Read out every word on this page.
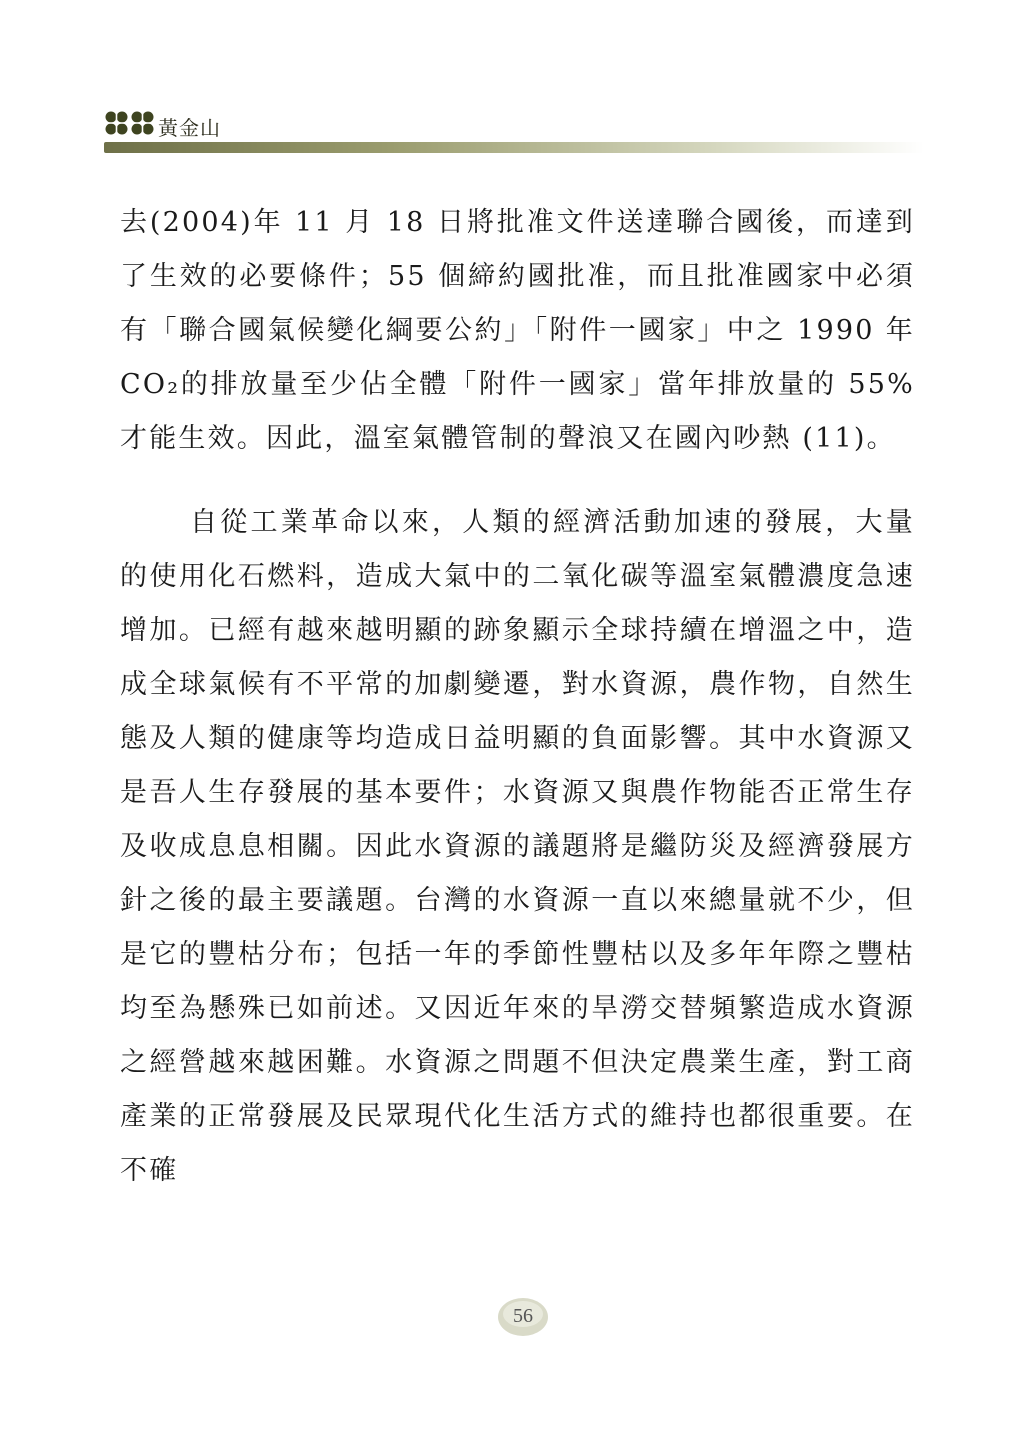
黃金山

去(2004)年 11 月 18 日將批准文件送達聯合國後，而達到了生效的必要條件；55 個締約國批准，而且批准國家中必須有「聯合國氣候變化綱要公約」「附件一國家」中之 1990 年 CO₂的排放量至少佔全體「附件一國家」當年排放量的 55%才能生效。因此，溫室氣體管制的聲浪又在國內吵熱 (11)。

自從工業革命以來，人類的經濟活動加速的發展，大量的使用化石燃料，造成大氣中的二氧化碳等溫室氣體濃度急速增加。已經有越來越明顯的跡象顯示全球持續在增溫之中，造成全球氣候有不平常的加劇變遷，對水資源，農作物，自然生態及人類的健康等均造成日益明顯的負面影響。其中水資源又是吾人生存發展的基本要件；水資源又與農作物能否正常生存及收成息息相關。因此水資源的議題將是繼防災及經濟發展方針之後的最主要議題。台灣的水資源一直以來總量就不少，但是它的豐枯分布；包括一年的季節性豐枯以及多年年際之豐枯均至為懸殊已如前述。又因近年來的旱澇交替頻繁造成水資源之經營越來越困難。水資源之問題不但決定農業生產，對工商產業的正常發展及民眾現代化生活方式的維持也都很重要。在不確

56
